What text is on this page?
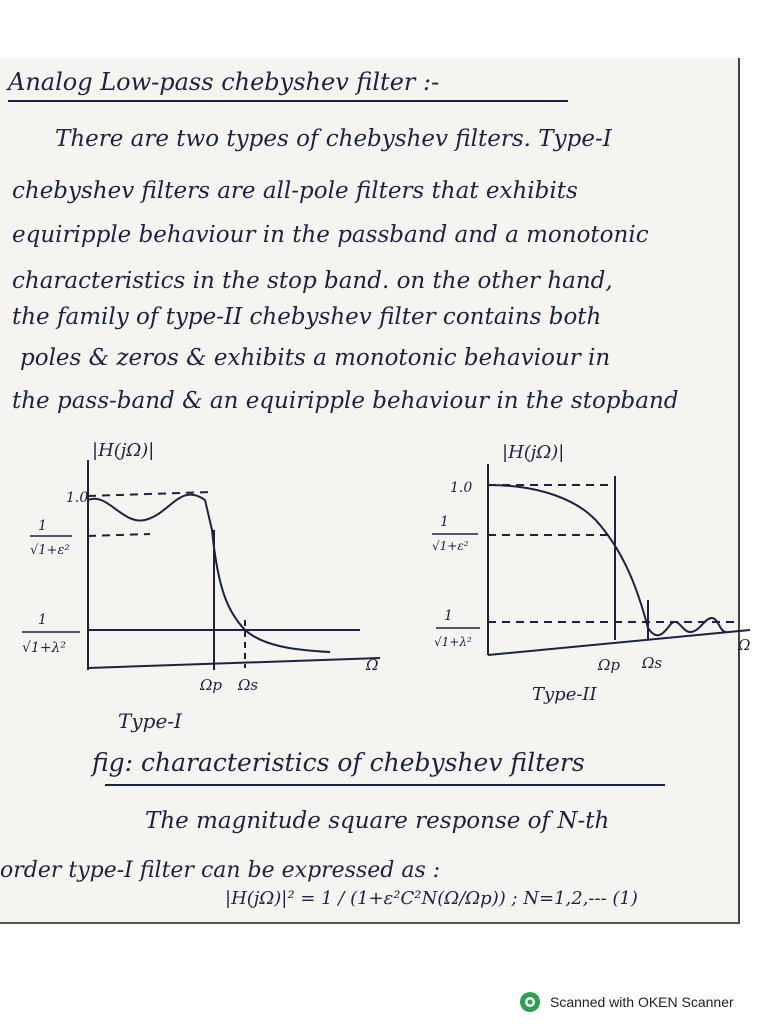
Analog Low-pass chebyshev filter :-
There are two types of chebyshev filters. Type-I
chebyshev filters are all-pole filters that exhibits
equiripple behaviour in the passband and a monotonic
characteristics in the stop band. on the other hand,
the family of type-II chebyshev filter contains both
poles & zeros & exhibits a monotonic behaviour in
the pass-band & an equiripple behaviour in the stopband
|H(jΩ)|
1.0
1
√1+ε²
1
√1+λ²
Ωp Ωs
Ω
Type-I
|H(jΩ)|
1.0
1
√1+ε²
1
√1+λ²
Ωp Ωs
Ω
Type-II
fig: characteristics of chebyshev filters
The magnitude square response of N-th
order type-I filter can be expressed as :
|H(jΩ)|² = 1 / (1+ε²C²N(Ω/Ωp)) ; N=1,2,--- (1)
Scanned with OKEN Scanner
